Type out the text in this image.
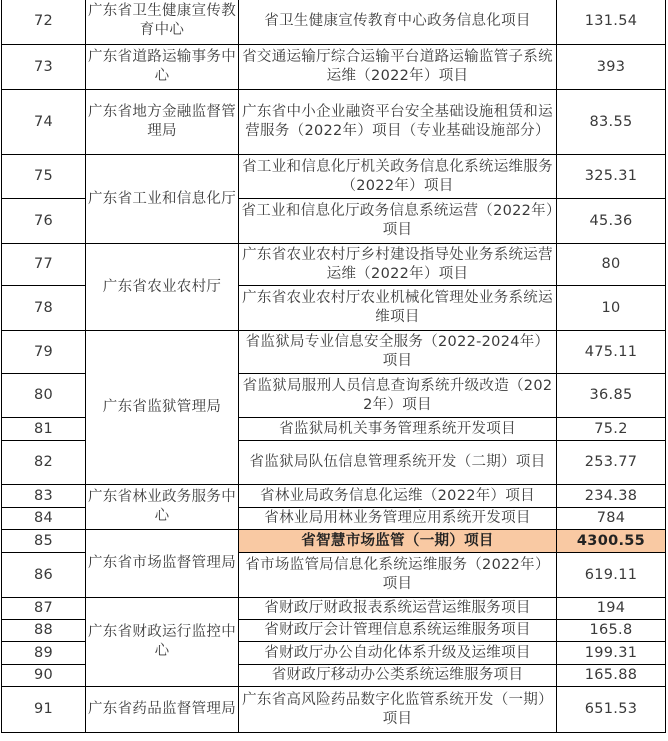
72	广东省卫生健康宣传教育中心	省卫生健康宣传教育中心政务信息化项目	131.54
73	广东省道路运输事务中心	省交通运输厅综合运输平台道路运输监管子系统运维（2022年）项目	393
74	广东省地方金融监督管理局	广东省中小企业融资平台安全基础设施租赁和运营服务（2022年）项目（专业基础设施部分）	83.55
75	广东省工业和信息化厅	省工业和信息化厅机关政务信息化系统运维服务（2022年）项目	325.31
76		省工业和信息化厅政务信息系统运营（2022年）项目	45.36
77	广东省农业农村厅	广东省农业农村厅乡村建设指导处业务系统运营运维（2022年）项目	80
78		广东省农业农村厅农业机械化管理处业务系统运维项目	10
79	广东省监狱管理局	省监狱局专业信息安全服务（2022-2024年）项目	475.11
80		省监狱局服刑人员信息查询系统升级改造（2022年）项目	36.85
81		省监狱局机关事务管理系统开发项目	75.2
82		省监狱局队伍信息管理系统开发（二期）项目	253.77
83	广东省林业政务服务中心	省林业局政务信息化运维（2022年）项目	234.38
84		省林业局用林业务管理应用系统开发项目	784
85	广东省市场监督管理局	省智慧市场监管（一期）项目	4300.55
86		省市场监管局信息化系统运维服务（2022年）项目	619.11
87	广东省财政运行监控中心	省财政厅财政报表系统运营运维服务项目	194
88		省财政厅会计管理信息系统运维服务项目	165.8
89		省财政厅办公自动化体系升级及运维项目	199.31
90		省财政厅移动办公类系统运维服务项目	165.88
91	广东省药品监督管理局	广东省高风险药品数字化监管系统开发（一期）项目	651.53
